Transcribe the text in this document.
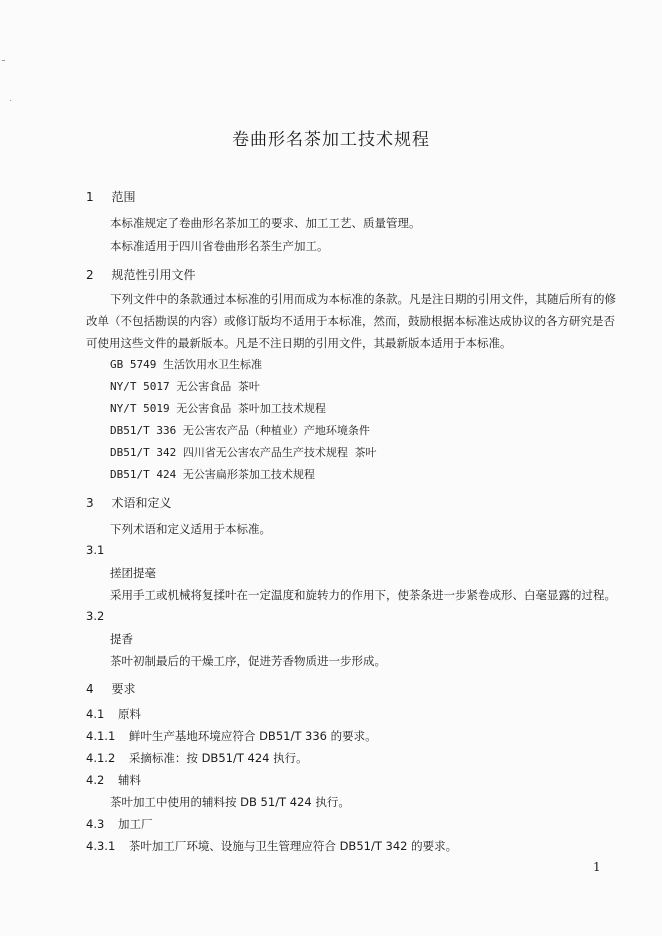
卷曲形名茶加工技术规程
1 范围
本标准规定了卷曲形名茶加工的要求、加工工艺、质量管理。
本标准适用于四川省卷曲形名茶生产加工。
2 规范性引用文件
下列文件中的条款通过本标准的引用而成为本标准的条款。凡是注日期的引用文件，其随后所有的修改单（不包括勘误的内容）或修订版均不适用于本标准，然而，鼓励根据本标准达成协议的各方研究是否可使用这些文件的最新版本。凡是不注日期的引用文件，其最新版本适用于本标准。
GB 5749 生活饮用水卫生标准
NY/T 5017 无公害食品 茶叶
NY/T 5019 无公害食品 茶叶加工技术规程
DB51/T 336 无公害农产品（种植业）产地环境条件
DB51/T 342 四川省无公害农产品生产技术规程 茶叶
DB51/T 424 无公害扁形茶加工技术规程
3 术语和定义
下列术语和定义适用于本标准。
3.1
搓团提毫
采用手工或机械将复揉叶在一定温度和旋转力的作用下，使茶条进一步紧卷成形、白毫显露的过程。
3.2
提香
茶叶初制最后的干燥工序，促进芳香物质进一步形成。
4 要求
4.1 原料
4.1.1 鲜叶生产基地环境应符合 DB51/T 336 的要求。
4.1.2 采摘标准：按 DB51/T 424 执行。
4.2 辅料
茶叶加工中使用的辅料按 DB 51/T 424 执行。
4.3 加工厂
4.3.1 茶叶加工厂环境、设施与卫生管理应符合 DB51/T 342 的要求。
1
